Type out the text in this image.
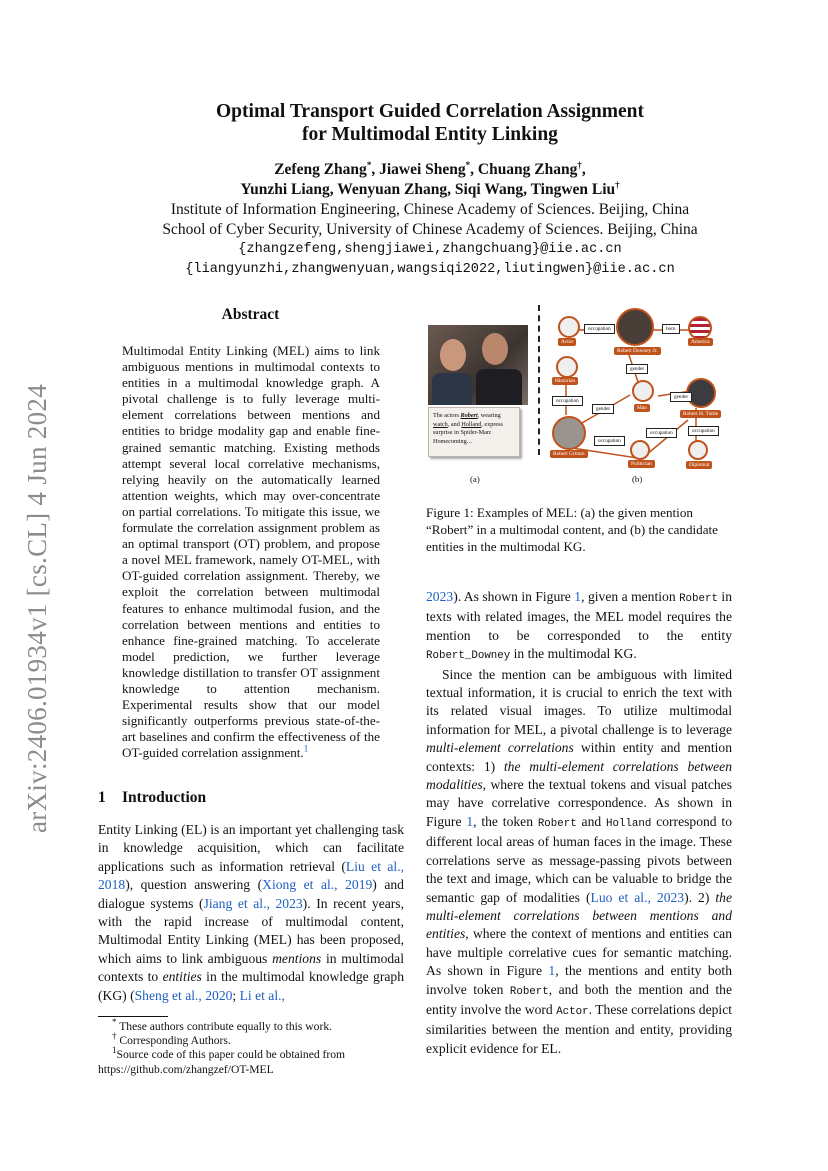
arXiv:2406.01934v1 [cs.CL] 4 Jun 2024
Optimal Transport Guided Correlation Assignment
for Multimodal Entity Linking
Zefeng Zhang*, Jiawei Sheng*, Chuang Zhang†,
Yunzhi Liang, Wenyuan Zhang, Siqi Wang, Tingwen Liu†
Institute of Information Engineering, Chinese Academy of Sciences. Beijing, China
School of Cyber Security, University of Chinese Academy of Sciences. Beijing, China
{zhangzefeng,shengjiawei,zhangchuang}@iie.ac.cn
{liangyunzhi,zhangwenyuan,wangsiqi2022,liutingwen}@iie.ac.cn
Abstract
Multimodal Entity Linking (MEL) aims to link ambiguous mentions in multimodal contexts to entities in a multimodal knowledge graph. A pivotal challenge is to fully leverage multi-element correlations between mentions and entities to bridge modality gap and enable fine-grained semantic matching. Existing methods attempt several local correlative mechanisms, relying heavily on the automatically learned attention weights, which may over-concentrate on partial correlations. To mitigate this issue, we formulate the correlation assignment problem as an optimal transport (OT) problem, and propose a novel MEL framework, namely OT-MEL, with OT-guided correlation assignment. Thereby, we exploit the correlation between multimodal features to enhance multimodal fusion, and the correlation between mentions and entities to enhance fine-grained matching. To accelerate model prediction, we further leverage knowledge distillation to transfer OT assignment knowledge to attention mechanism. Experimental results show that our model significantly outperforms previous state-of-the-art baselines and confirm the effectiveness of the OT-guided correlation assignment.$^1$
1 Introduction
Entity Linking (EL) is an important yet challenging task in knowledge acquisition, which can facilitate applications such as information retrieval (Liu et al., 2018), question answering (Xiong et al., 2019) and dialogue systems (Jiang et al., 2023). In recent years, with the rapid increase of multimodal content, Multimodal Entity Linking (MEL) has been proposed, which aims to link ambiguous mentions in multimodal contexts to entities in the multimodal knowledge graph (KG) (Sheng et al., 2020; Li et al.,
* These authors contribute equally to this work.
† Corresponding Authors.
$^1$Source code of this paper could be obtained from https://github.com/zhangzef/OT-MEL
The actors Robert, wearing watch, and Holland, express surprise in Spider-Man: Homecoming…
(a)
Actor
Robert Downey Jr.
America
Historian
Man
Robert H. Tuttle
Robert Grimm
Politician	Diplomat
occupation	born
gender
occupation
gender
gender
occupation
occupation
occupation
(b)
Figure 1: Examples of MEL: (a) the given mention “Robert” in a multimodal content, and (b) the candidate entities in the multimodal KG.

2023). As shown in Figure 1, given a mention Robert in texts with related images, the MEL model requires the mention to be corresponded to the entity Robert_Downey in the multimodal KG.

Since the mention can be ambiguous with limited textual information, it is crucial to enrich the text with its related visual images. To utilize multimodal information for MEL, a pivotal challenge is to leverage multi-element correlations within entity and mention contexts: 1) the multi-element correlations between modalities, where the textual tokens and visual patches may have correlative correspondence. As shown in Figure 1, the token Robert and Holland correspond to different local areas of human faces in the image. These correlations serve as message-passing pivots between the text and image, which can be valuable to bridge the semantic gap of modalities (Luo et al., 2023). 2) the multi-element correlations between mentions and entities, where the context of mentions and entities can have multiple correlative cues for semantic matching. As shown in Figure 1, the mentions and entity both involve token Robert, and both the mention and the entity involve the word Actor. These correlations depict similarities between the mention and entity, providing explicit evidence for EL.
